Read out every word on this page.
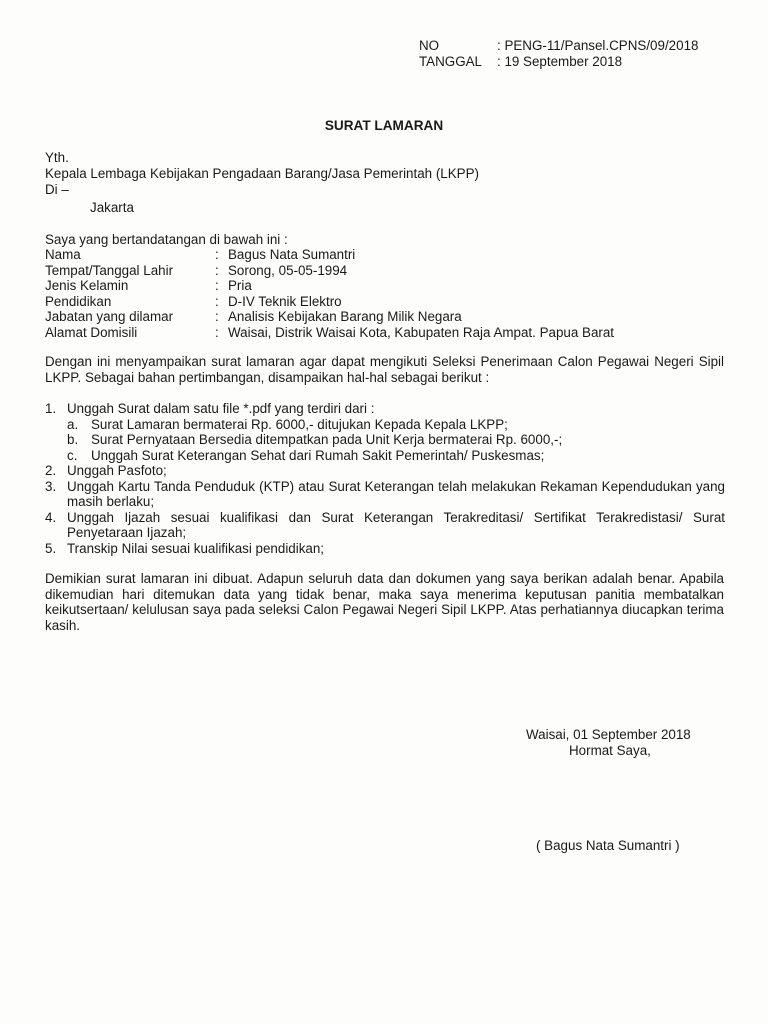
NO	: PENG-11/Pansel.CPNS/09/2018
TANGGAL	: 19 September 2018
SURAT LAMARAN
Yth.
Kepala Lembaga Kebijakan Pengadaan Barang/Jasa Pemerintah (LKPP)
Di –
Jakarta
Saya yang bertandatangan di bawah ini :
Nama	: Bagus Nata Sumantri
Tempat/Tanggal Lahir	: Sorong, 05-05-1994
Jenis Kelamin	: Pria
Pendidikan	: D-IV Teknik Elektro
Jabatan yang dilamar	: Analisis Kebijakan Barang Milik Negara
Alamat Domisili	: Waisai, Distrik Waisai Kota, Kabupaten Raja Ampat. Papua Barat
Dengan ini menyampaikan surat lamaran agar dapat mengikuti Seleksi Penerimaan Calon Pegawai Negeri Sipil LKPP. Sebagai bahan pertimbangan, disampaikan hal-hal sebagai berikut :
1. Unggah Surat dalam satu file *.pdf yang terdiri dari :
a. Surat Lamaran bermaterai Rp. 6000,- ditujukan Kepada Kepala LKPP;
b. Surat Pernyataan Bersedia ditempatkan pada Unit Kerja bermaterai Rp. 6000,-;
c.	Unggah Surat Keterangan Sehat dari Rumah Sakit Pemerintah/ Puskesmas;
2. Unggah Pasfoto;
3. Unggah Kartu Tanda Penduduk (KTP) atau Surat Keterangan telah melakukan Rekaman Kependudukan yang masih berlaku;
4. Unggah Ijazah sesuai kualifikasi dan Surat Keterangan Terakreditasi/ Sertifikat Terakredistasi/ Surat Penyetaraan Ijazah;
5. Transkip Nilai sesuai kualifikasi pendidikan;
Demikian surat lamaran ini dibuat. Adapun seluruh data dan dokumen yang saya berikan adalah benar. Apabila dikemudian hari ditemukan data yang tidak benar, maka saya menerima keputusan panitia membatalkan keikutsertaan/ kelulusan saya pada seleksi Calon Pegawai Negeri Sipil LKPP. Atas perhatiannya diucapkan terima kasih.
Waisai, 01 September 2018
Hormat Saya,
( Bagus Nata Sumantri )
